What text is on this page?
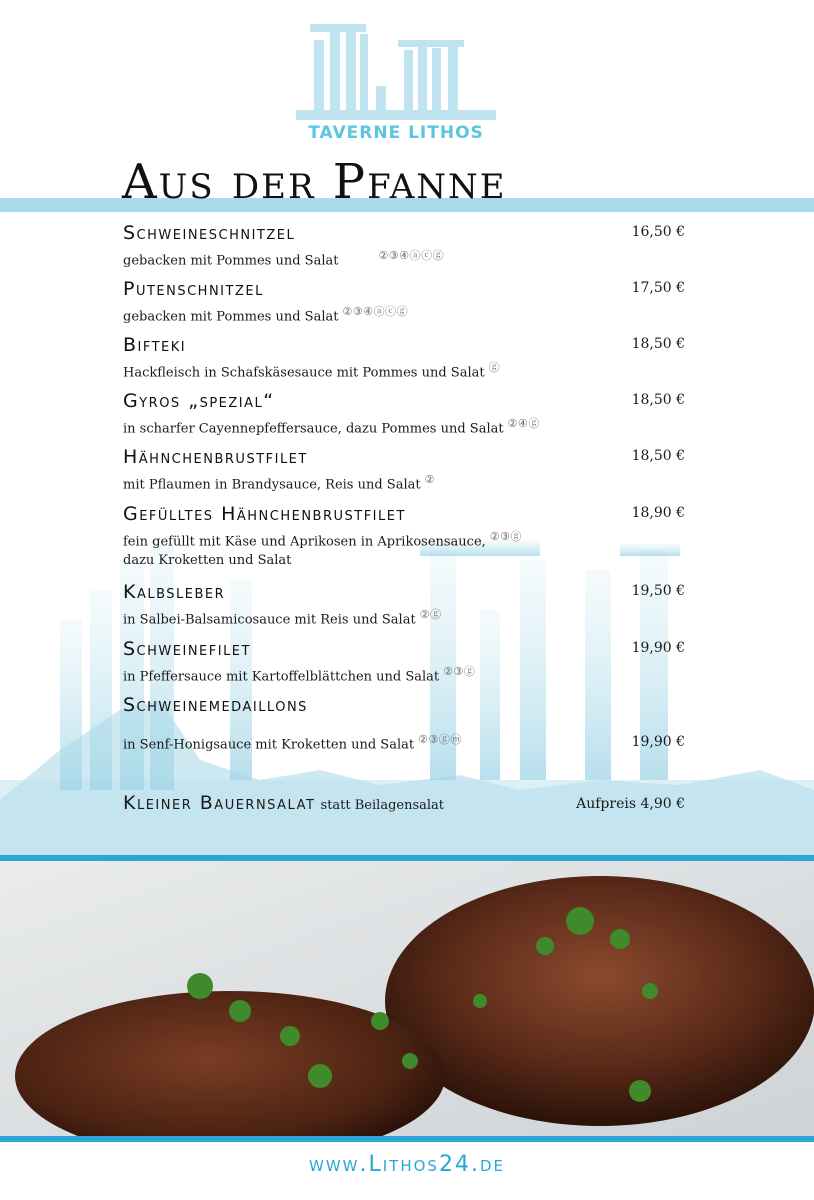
TAVERNE LITHOS
Aus der Pfanne
Schweineschnitzel
gebacken mit Pommes und Salat	②③④ⓐⓒⓖ
16,50 €
Putenschnitzel
gebacken mit Pommes und Salat ②③④ⓐⓒⓖ
17,50 €
Bifteki
Hackfleisch in Schafskäsesauce mit Pommes und Salat ⓖ
18,50 €
Gyros „spezial“
in scharfer Cayennepfeffersauce, dazu Pommes und Salat ②④ⓖ
18,50 €
Hähnchenbrustfilet
mit Pflaumen in Brandysauce, Reis und Salat ②
18,50 €
Gefülltes Hähnchenbrustfilet
fein gefüllt mit Käse und Aprikosen in Aprikosensauce, ②③ⓖ
dazu Kroketten und Salat
18,90 €
Kalbsleber
in Salbei-Balsamicosauce mit Reis und Salat ②ⓖ
19,50 €
Schweinefilet
in Pfeffersauce mit Kartoffelblättchen und Salat ②③ⓖ
19,90 €
Schweinemedaillons
in Senf-Honigsauce mit Kroketten und Salat ②③ⓖⓜ	19,90 €
Kleiner Bauernsalat statt Beilagensalat	Aufpreis 4,90 €
www.Lithos24.de
